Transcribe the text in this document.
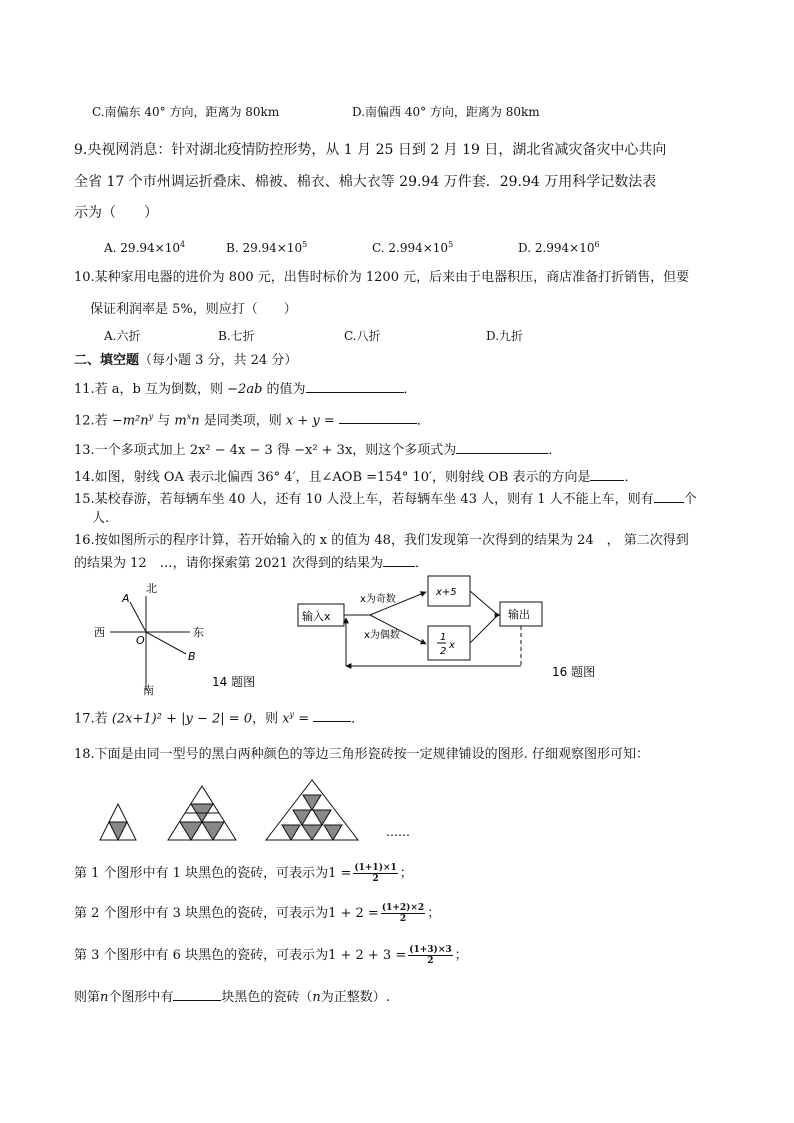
C.南偏东 40° 方向，距离为 80km	D.南偏西 40° 方向，距离为 80km
9.央视网消息：针对湖北疫情防控形势，从 1 月 25 日到 2 月 19 日，湖北省减灾备灾中心共向
全省 17 个市州调运折叠床、棉被、棉衣、棉大衣等 29.94 万件套．29.94 万用科学记数法表
示为（　　）
A. $29.94\times 10^4$	B. $29.94\times 10^5$	C. $2.994\times 10^5$	D. $2.994\times 10^6$
10.某种家用电器的进价为 800 元，出售时标价为 1200 元，后来由于电器积压，商店准备打折销售，但要
保证利润率是 5%，则应打（　　）
A.六折	B.七折	C.八折	D.九折
二、填空题（每小题 3 分，共 24 分）
11.若 a，b 互为倒数，则 −2ab 的值为	．
12.若 $-m^2n^y$ 与 $m^xn$ 是同类项，则 x + y =	．
13.一个多项式加上 2x² − 4x − 3 得 −x² + 3x，则这个多项式为	．
14.如图，射线 OA 表示北偏西 36° 4′，且∠AOB =154° 10′，则射线 OB 表示的方向是	．
15.某校春游，若每辆车坐 40 人，还有 10 人没上车，若每辆车坐 43 人，则有 1 人不能上车，则有 个
人.
16.按如图所示的程序计算，若开始输入的 x 的值为 48，我们发现第一次得到的结果为 24　， 第二次得到
的结果为 12　…，请你探索第 2021 次得到的结果为 ．
北
西	东
南
A
B
O
14 题图
输入x
x为奇数
x为偶数
x+5
1
2
x
输出
16 题图
17.若 (2x+1)² + |y − 2| = 0，则 $x^y$ =	．
18.下面是由同一型号的黑白两种颜色的等边三角形瓷砖按一定规律铺设的图形. 仔细观察图形可知：
……
第 1 个图形中有 1 块黑色的瓷砖，可表示为$1 = \frac{(1+1)\times 1}{2}$ ；
第 2 个图形中有 3 块黑色的瓷砖，可表示为$1 + 2 = \frac{(1+2)\times 2}{2}$ ；
第 3 个图形中有 6 块黑色的瓷砖，可表示为$1 + 2 + 3 = \frac{(1+3)\times 3}{2}$ ；
则第n个图形中有	块黑色的瓷砖（n为正整数）.
